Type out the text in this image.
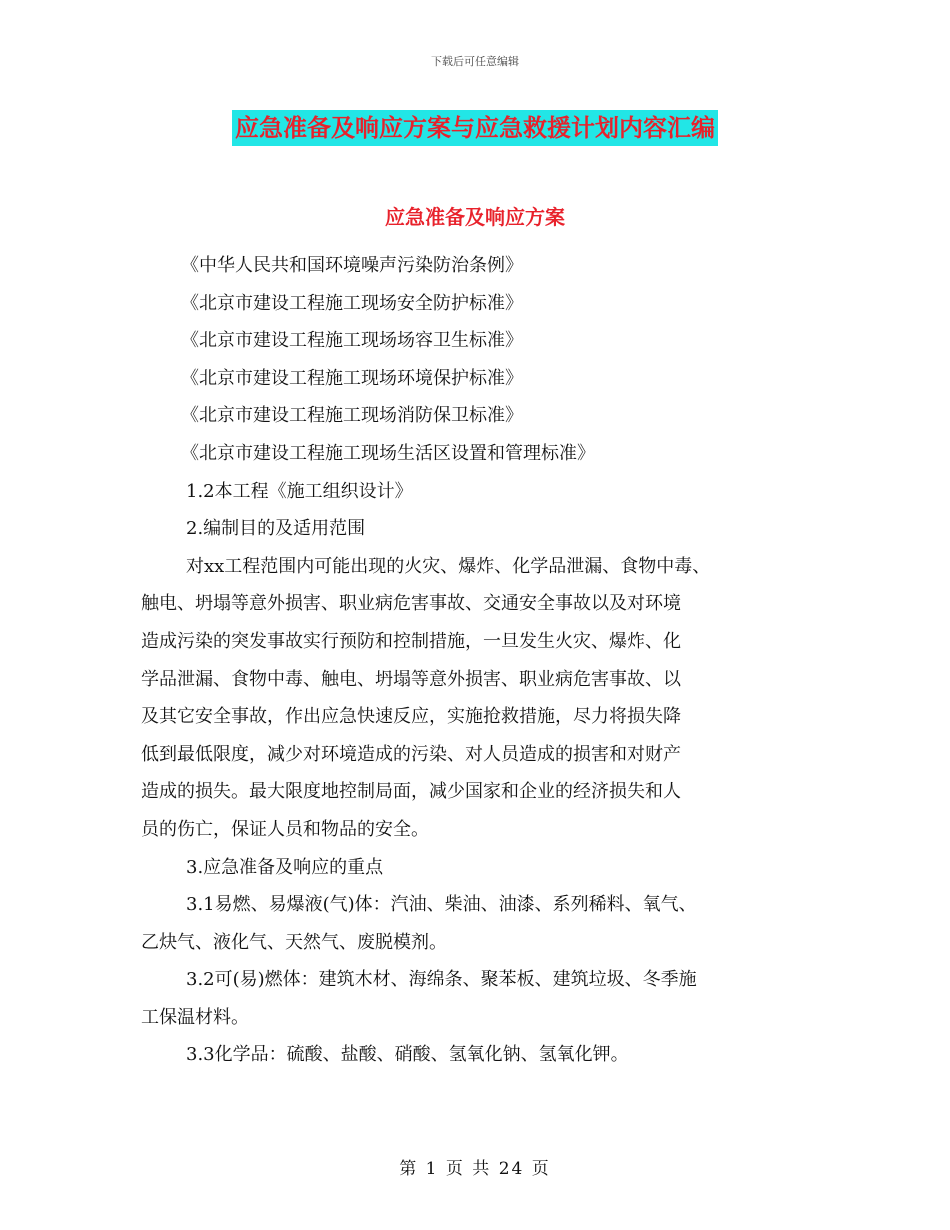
下载后可任意编辑
应急准备及响应方案与应急救援计划内容汇编
应急准备及响应方案
《中华人民共和国环境噪声污染防治条例》
《北京市建设工程施工现场安全防护标准》
《北京市建设工程施工现场场容卫生标准》
《北京市建设工程施工现场环境保护标准》
《北京市建设工程施工现场消防保卫标准》
《北京市建设工程施工现场生活区设置和管理标准》
1.2本工程《施工组织设计》
2.编制目的及适用范围
对xx工程范围内可能出现的火灾、爆炸、化学品泄漏、食物中毒、
触电、坍塌等意外损害、职业病危害事故、交通安全事故以及对环境
造成污染的突发事故实行预防和控制措施，一旦发生火灾、爆炸、化
学品泄漏、食物中毒、触电、坍塌等意外损害、职业病危害事故、以
及其它安全事故，作出应急快速反应，实施抢救措施，尽力将损失降
低到最低限度，减少对环境造成的污染、对人员造成的损害和对财产
造成的损失。最大限度地控制局面，减少国家和企业的经济损失和人
员的伤亡，保证人员和物品的安全。
3.应急准备及响应的重点
3.1易燃、易爆液(气)体：汽油、柴油、油漆、系列稀料、氧气、
乙炔气、液化气、天然气、废脱模剂。
3.2可(易)燃体：建筑木材、海绵条、聚苯板、建筑垃圾、冬季施
工保温材料。
3.3化学品：硫酸、盐酸、硝酸、氢氧化钠、氢氧化钾。
第 1 页 共 24 页
